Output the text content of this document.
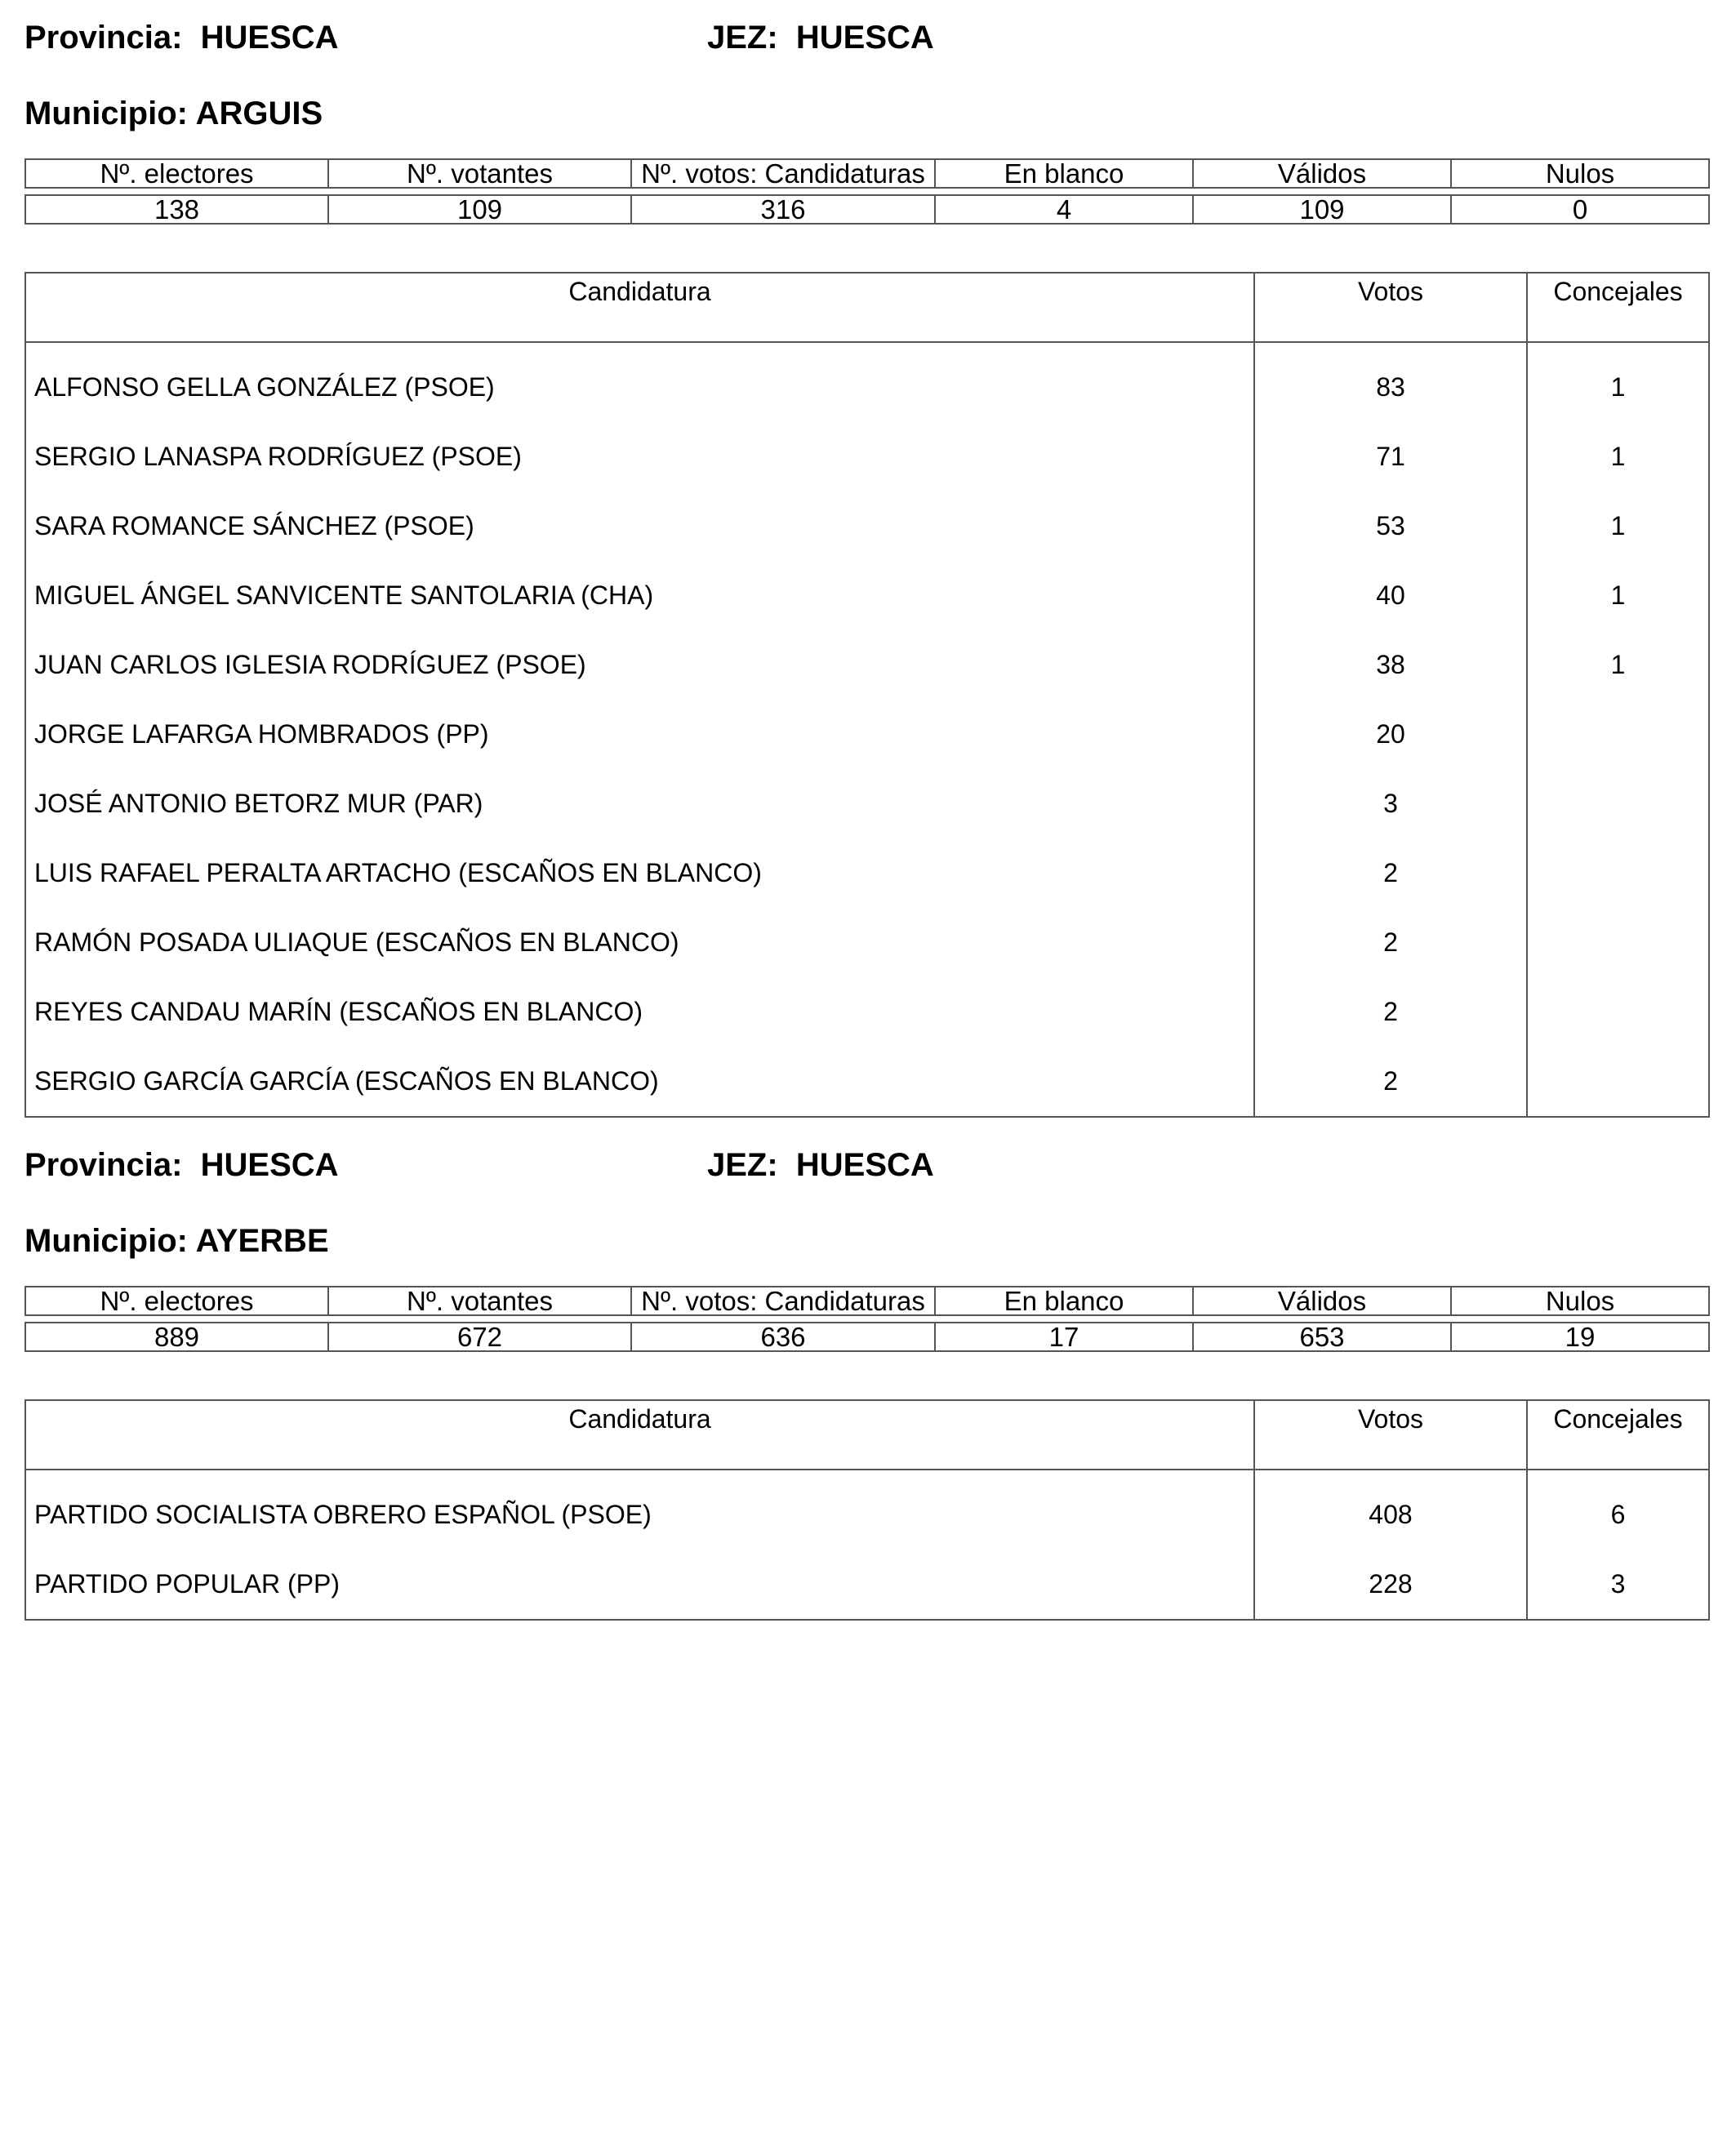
Provincia:  HUESCA	JEZ:  HUESCA
Municipio: ARGUIS
Nº. electores	Nº. votantes	Nº. votos: Candidaturas	En blanco	Válidos	Nulos
138	109	316	4	109	0
Candidatura	Votos	Concejales

ALFONSO GELLA GONZÁLEZ (PSOE)	83	1
SERGIO LANASPA RODRÍGUEZ (PSOE)	71	1
SARA ROMANCE SÁNCHEZ (PSOE)	53	1
MIGUEL ÁNGEL SANVICENTE SANTOLARIA (CHA)	40	1
JUAN CARLOS IGLESIA RODRÍGUEZ (PSOE)	38	1
JORGE LAFARGA HOMBRADOS (PP)	20	
JOSÉ ANTONIO BETORZ MUR (PAR)	3	
LUIS RAFAEL PERALTA ARTACHO (ESCAÑOS EN BLANCO)	2	
RAMÓN POSADA ULIAQUE (ESCAÑOS EN BLANCO)	2	
REYES CANDAU MARÍN (ESCAÑOS EN BLANCO)	2	
SERGIO GARCÍA GARCÍA (ESCAÑOS EN BLANCO)	2	
Provincia:  HUESCA	JEZ:  HUESCA
Municipio: AYERBE
Nº. electores	Nº. votantes	Nº. votos: Candidaturas	En blanco	Válidos	Nulos
889	672	636	17	653	19
Candidatura	Votos	Concejales

PARTIDO SOCIALISTA OBRERO ESPAÑOL (PSOE)	408	6
PARTIDO POPULAR (PP)	228	3
